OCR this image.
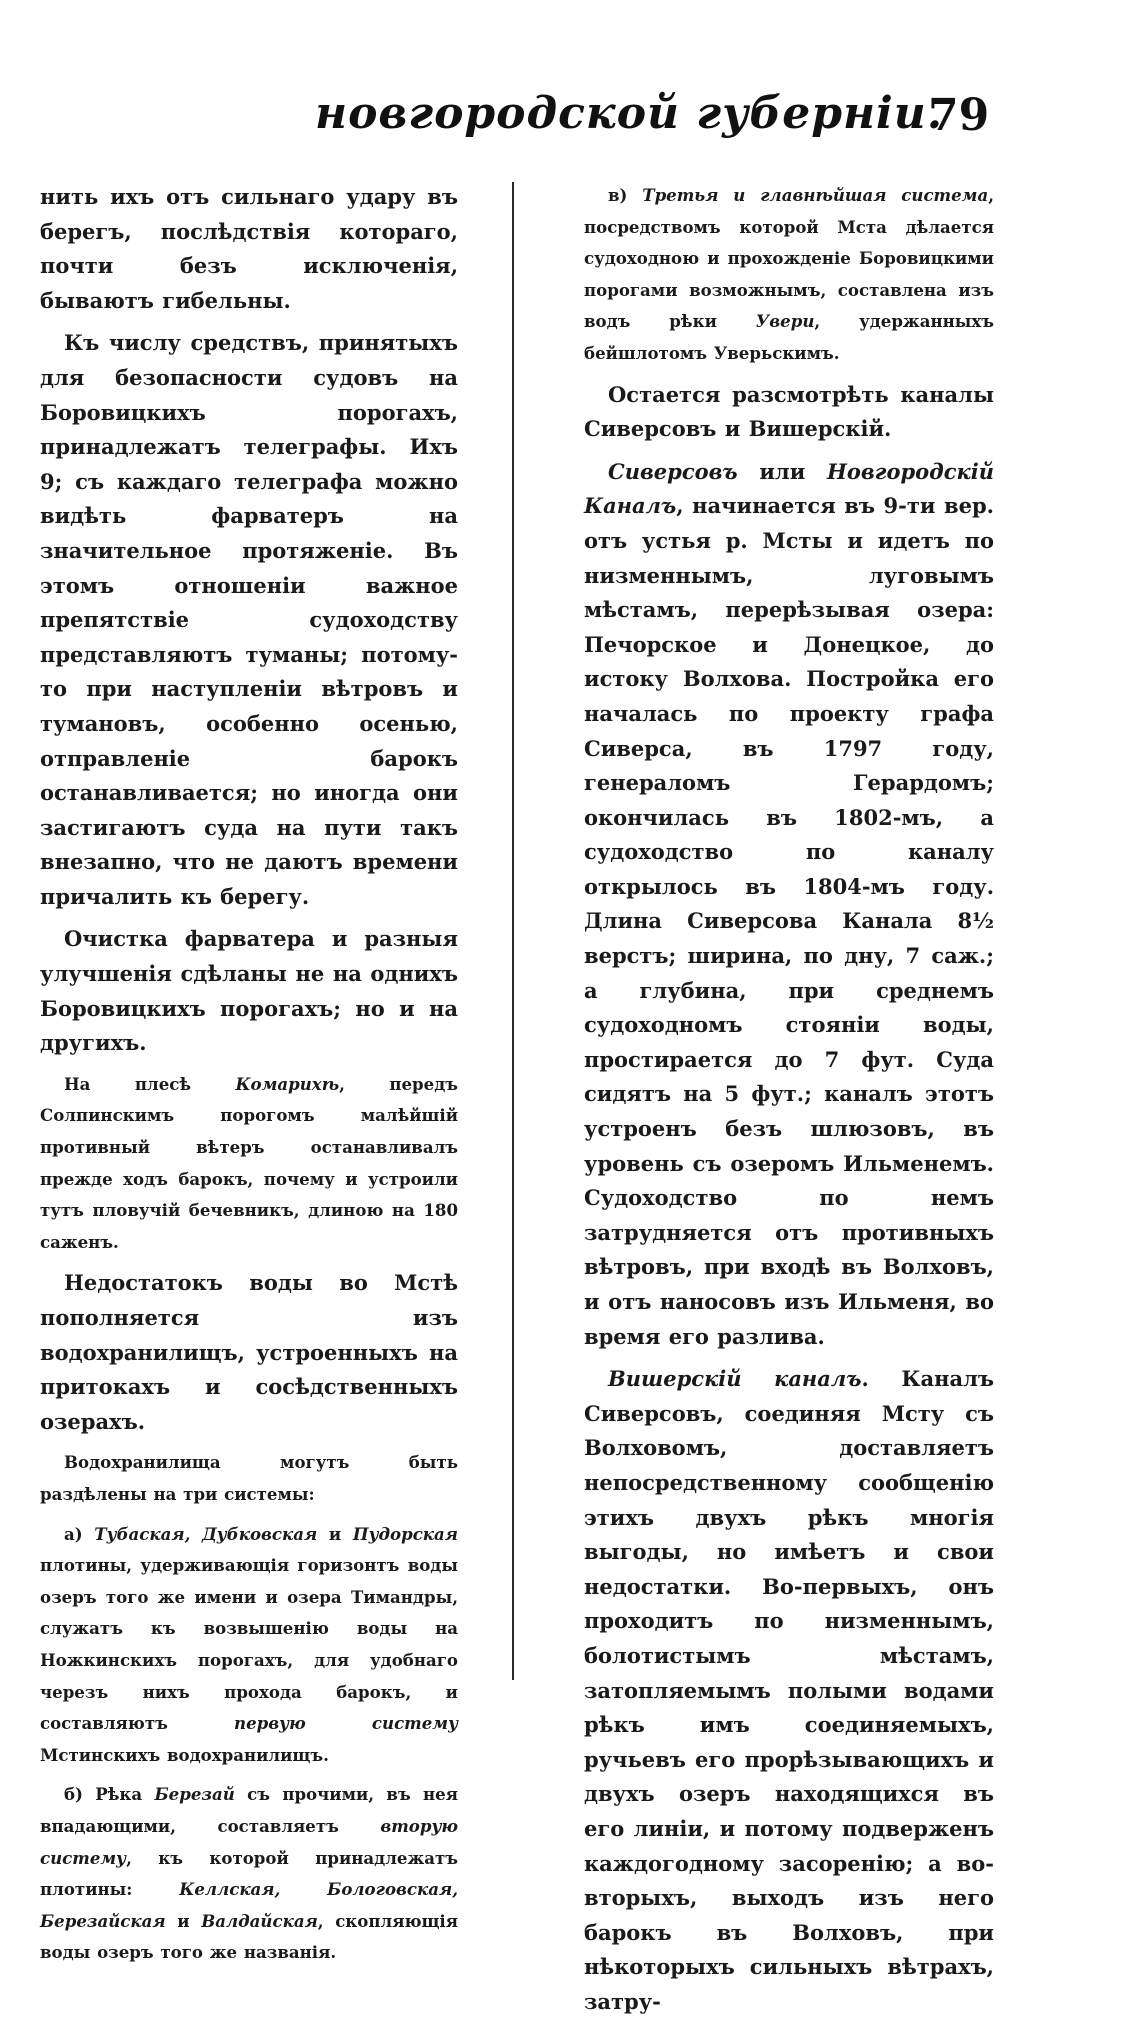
новгородской губерніи.
79

нить ихъ отъ сильнаго удару въ берегъ, послѣдствія котораго, почти безъ исключенія, бываютъ гибельны.

Къ числу средствъ, принятыхъ для безопасности судовъ на Боровицкихъ порогахъ, принадлежатъ телеграфы. Ихъ 9; съ каждаго телеграфа можно видѣть фарватеръ на значительное протяженіе. Въ этомъ отношеніи важное препятствіе судоходству представляютъ туманы; потому-то при наступленіи вѣтровъ и тумановъ, особенно осенью, отправленіе барокъ останавливается; но иногда они застигаютъ суда на пути такъ внезапно, что не даютъ времени причалить къ берегу.

Очистка фарватера и разныя улучшенія сдѣланы не на однихъ Боровицкихъ порогахъ; но и на другихъ.

На плесѣ Комарихѣ, передъ Солпинскимъ порогомъ малѣйшій противный вѣтеръ останавливалъ прежде ходъ барокъ, почему и устроили тутъ пловучій бечевникъ, длиною на 180 саженъ.

Недостатокъ воды во Мстѣ пополняется изъ водохранилищъ, устроенныхъ на притокахъ и сосѣдственныхъ озерахъ.

Водохранилища могутъ быть раздѣлены на три системы:

а) Тубаская, Дубковская и Пудорская плотины, удерживающія горизонтъ воды озеръ того же имени и озера Тимандры, служатъ къ возвышенію воды на Ножкинскихъ порогахъ, для удобнаго черезъ нихъ прохода барокъ, и составляютъ первую систему Мстинскихъ водохранилищъ.

б) Рѣка Березай съ прочими, въ нея впадающими, составляетъ вторую систему, къ которой принадлежатъ плотины: Келлская, Бологовская, Березайская и Валдайская, скопляющія воды озеръ того же названія.

в) Третья и главнѣйшая система, посредствомъ которой Мста дѣлается судоходною и прохожденіе Боровицкими порогами возможнымъ, составлена изъ водъ рѣки Увери, удержанныхъ бейшлотомъ Уверьскимъ.

Остается разсмотрѣть каналы Сиверсовъ и Вишерскій.

Сиверсовъ или Новгородскій Каналъ, начинается въ 9-ти вер. отъ устья р. Мсты и идетъ по низменнымъ, луговымъ мѣстамъ, перерѣзывая озера: Печорское и Донецкое, до истоку Волхова. Постройка его началась по проекту графа Сиверса, въ 1797 году, генераломъ Герардомъ; окончилась въ 1802-мъ, а судоходство по каналу открылось въ 1804-мъ году. Длина Сиверсова Канала 8½ верстъ; ширина, по дну, 7 саж.; а глубина, при среднемъ судоходномъ стояніи воды, простирается до 7 фут. Суда сидятъ на 5 фут.; каналъ этотъ устроенъ безъ шлюзовъ, въ уровень съ озеромъ Ильменемъ. Судоходство по немъ затрудняется отъ противныхъ вѣтровъ, при входѣ въ Волховъ, и отъ наносовъ изъ Ильменя, во время его разлива.

Вишерскій каналъ. Каналъ Сиверсовъ, соединяя Мсту съ Волховомъ, доставляетъ непосредственному сообщенію этихъ двухъ рѣкъ многія выгоды, но имѣетъ и свои недостатки. Во-первыхъ, онъ проходитъ по низменнымъ, болотистымъ мѣстамъ, затопляемымъ полыми водами рѣкъ имъ соединяемыхъ, ручьевъ его прорѣзывающихъ и двухъ озеръ находящихся въ его линіи, и потому подверженъ каждогодному засоренію; а во-вторыхъ, выходъ изъ него барокъ въ Волховъ, при нѣкоторыхъ сильныхъ вѣтрахъ, затру-
